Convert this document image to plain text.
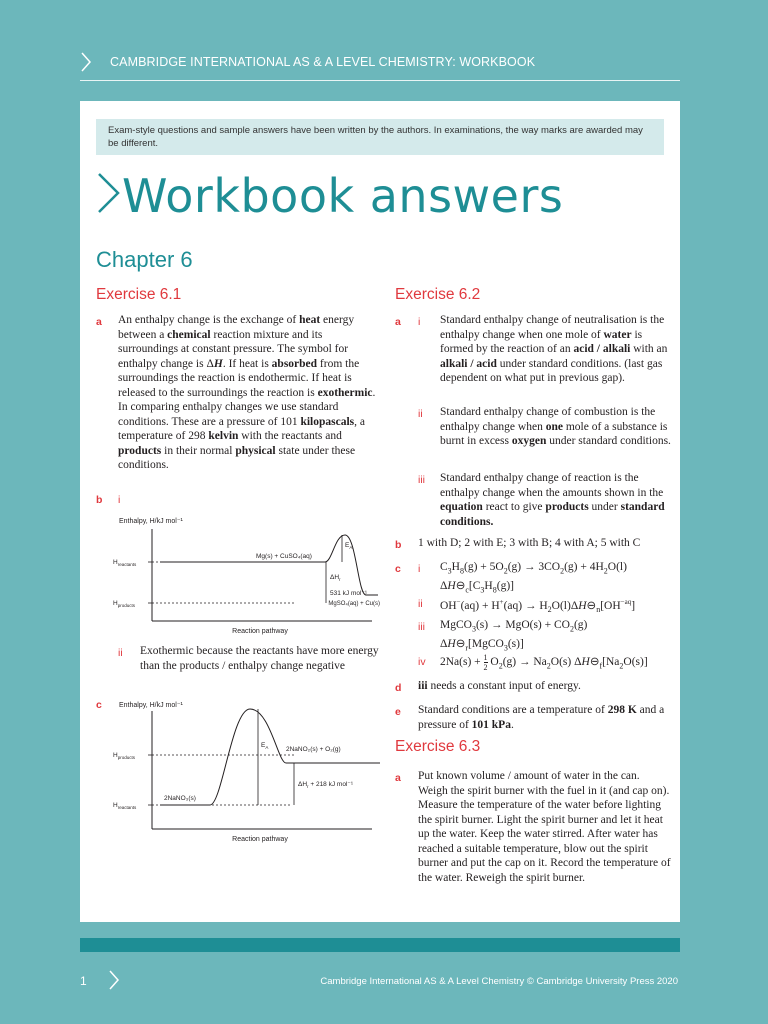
CAMBRIDGE INTERNATIONAL AS & A LEVEL CHEMISTRY: WORKBOOK
Exam-style questions and sample answers have been written by the authors. In examinations, the way marks are awarded may be different.
Workbook answers
Chapter 6
Exercise 6.1
a An enthalpy change is the exchange of heat energy between a chemical reaction mixture and its surroundings at constant pressure. The symbol for enthalpy change is ΔH. If heat is absorbed from the surroundings the reaction is endothermic. If heat is released to the surroundings the reaction is exothermic. In comparing enthalpy changes we use standard conditions. These are a pressure of 101 kilopascals, a temperature of 298 kelvin with the reactants and products in their normal physical state under these conditions.
b i
Enthalpy, H/kJ mol⁻¹
$H_{reactants}$
$H_{products}$
Mg(s) + CuSO₄(aq)
MgSO₄(aq) + Cu(s)
$E_A$
$\Delta H_r$
531 kJ mol⁻¹
Reaction pathway
ii Exothermic because the reactants have more energy than the products / enthalpy change negative
c Enthalpy, H/kJ mol⁻¹
$H_{products}$
$H_{reactants}$
2NaNO₃(s)
2NaNO₂(s) + O₂(g)
$E_A$
$\Delta H_r + 218$ kJ mol⁻¹
Reaction pathway
Exercise 6.2
a i Standard enthalpy change of neutralisation is the enthalpy change when one mole of water is formed by the reaction of an acid / alkali with an alkali / acid under standard conditions. (last gas dependent on what put in previous gap).
ii Standard enthalpy change of combustion is the enthalpy change when one mole of a substance is burnt in excess oxygen under standard conditions.
iii Standard enthalpy change of reaction is the enthalpy change when the amounts shown in the equation react to give products under standard conditions.
b 1 with D; 2 with E; 3 with B; 4 with A; 5 with C
c i $C_3H_8(g) + 5O_2(g) \to 3CO_2(g) + 4H_2O(l)$
$\Delta H⊖_c[C_3H_8(g)]$
ii $OH^-(aq) + H^+(aq) \to H_2O(l)\Delta H⊖_n[OH^{-aq}]$
iii MgCO$_3$(s) → $MgO(s) + CO_2(g)$
$\Delta H⊖_r[MgCO_3(s)]$
iv 2Na(s) + 1

2 $O_2(g) \to Na_2O(s)$ $\Delta H⊖_f[Na_2O(s)]$
d iii needs a constant input of energy.
e Standard conditions are a temperature of 298 K and a pressure of 101 kPa.
Exercise 6.3
a Put known volume / amount of water in the can. Weigh the spirit burner with the fuel in it (and cap on). Measure the temperature of the water before lighting the spirit burner. Light the spirit burner and let it heat up the water. Keep the water stirred. After water has reached a suitable temperature, blow out the spirit burner and put the cap on it. Record the temperature of the water. Reweigh the spirit burner.
1	Cambridge International AS & A Level Chemistry © Cambridge University Press 2020
